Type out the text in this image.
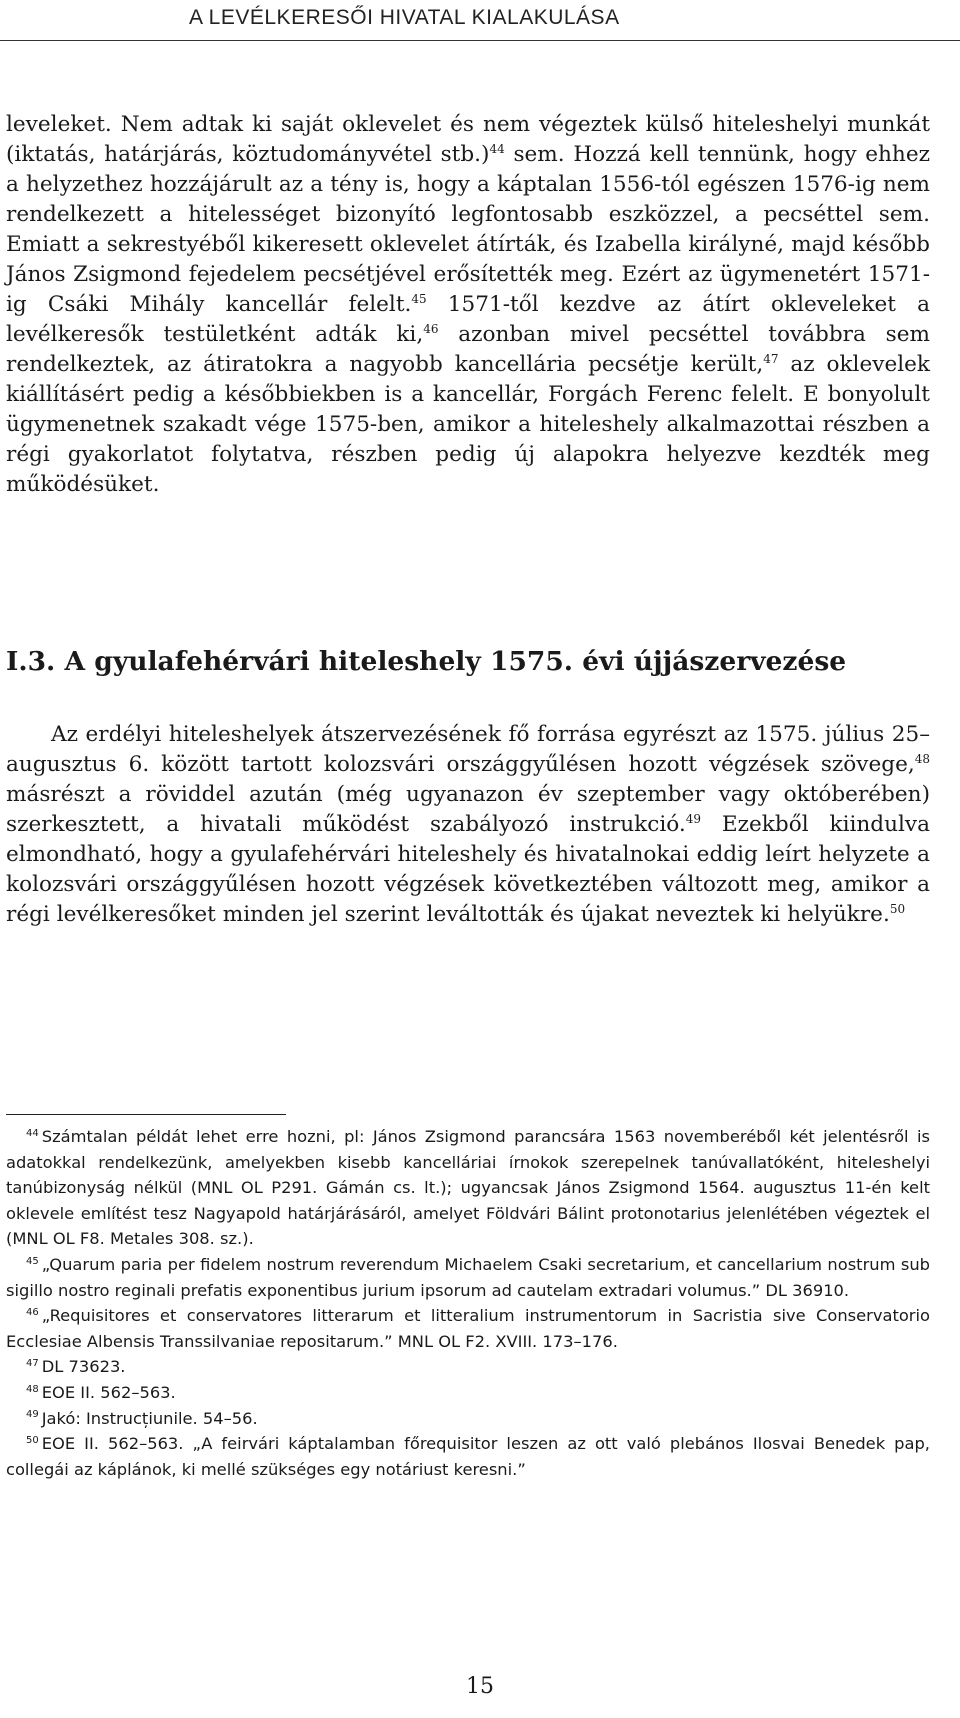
A LEVÉLKERESŐI HIVATAL KIALAKULÁSA

leveleket. Nem adtak ki saját oklevelet és nem végeztek külső hiteleshelyi munkát (iktatás, határjárás, köztudományvétel stb.)$^{44}$ sem. Hozzá kell tennünk, hogy ehhez a helyzethez hozzájárult az a tény is, hogy a káptalan 1556-tól egészen 1576-ig nem rendelkezett a hitelességet bizonyító legfontosabb eszközzel, a pecséttel sem. Emiatt a sekrestyéből kikeresett oklevelet átírták, és Izabella királyné, majd később János Zsigmond fejedelem pecsétjével erősítették meg. Ezért az ügymenetért 1571-ig Csáki Mihály kancellár felelt.$^{45}$ 1571-től kezdve az átírt okleveleket a levélkeresők testületként adták ki,$^{46}$ azonban mivel pecséttel továbbra sem rendelkeztek, az átiratokra a nagyobb kancellária pecsétje került,$^{47}$ az oklevelek kiállításért pedig a későbbiekben is a kancellár, Forgách Ferenc felelt. E bonyolult ügymenetnek szakadt vége 1575-ben, amikor a hiteleshely alkalmazottai részben a régi gyakorlatot folytatva, részben pedig új alapokra helyezve kezdték meg működésüket.

I.3. A gyulafehérvári hiteleshely 1575. évi újjászervezése

Az erdélyi hiteleshelyek átszervezésének fő forrása egyrészt az 1575. július 25–augusztus 6. között tartott kolozsvári országgyűlésen hozott végzések szövege,$^{48}$ másrészt a röviddel azután (még ugyanazon év szeptember vagy októberében) szerkesztett, a hivatali működést szabályozó instrukció.$^{49}$ Ezekből kiindulva elmondható, hogy a gyulafehérvári hiteleshely és hivatalnokai eddig leírt helyzete a kolozsvári országgyűlésen hozott végzések következtében változott meg, amikor a régi levélkeresőket minden jel szerint leváltották és újakat neveztek ki helyükre.$^{50}$

$^{44}$ Számtalan példát lehet erre hozni, pl: János Zsigmond parancsára 1563 novemberéből két jelentésről is adatokkal rendelkezünk, amelyekben kisebb kancelláriai írnokok szerepelnek tanúvallatóként, hiteleshelyi tanúbizonyság nélkül (MNL OL P291. Gámán cs. lt.); ugyancsak János Zsigmond 1564. augusztus 11-én kelt oklevele említést tesz Nagyapold határjárásáról, amelyet Földvári Bálint protonotarius jelenlétében végeztek el (MNL OL F8. Metales 308. sz.).

$^{45}$ „Quarum paria per fidelem nostrum reverendum Michaelem Csaki secretarium, et cancellarium nostrum sub sigillo nostro reginali prefatis exponentibus jurium ipsorum ad cautelam extradari volumus.” DL 36910.

$^{46}$ „Requisitores et conservatores litterarum et litteralium instrumentorum in Sacristia sive Conservatorio Ecclesiae Albensis Transsilvaniae repositarum.” MNL OL F2. XVIII. 173–176.

$^{47}$ DL 73623.

$^{48}$ EOE II. 562–563.

$^{49}$ Jakó: Instrucțiunile. 54–56.

$^{50}$ EOE II. 562–563. „A feirvári káptalamban főrequisitor leszen az ott való plebános Ilosvai Benedek pap, collegái az káplánok, ki mellé szükséges egy notáriust keresni.”

15
